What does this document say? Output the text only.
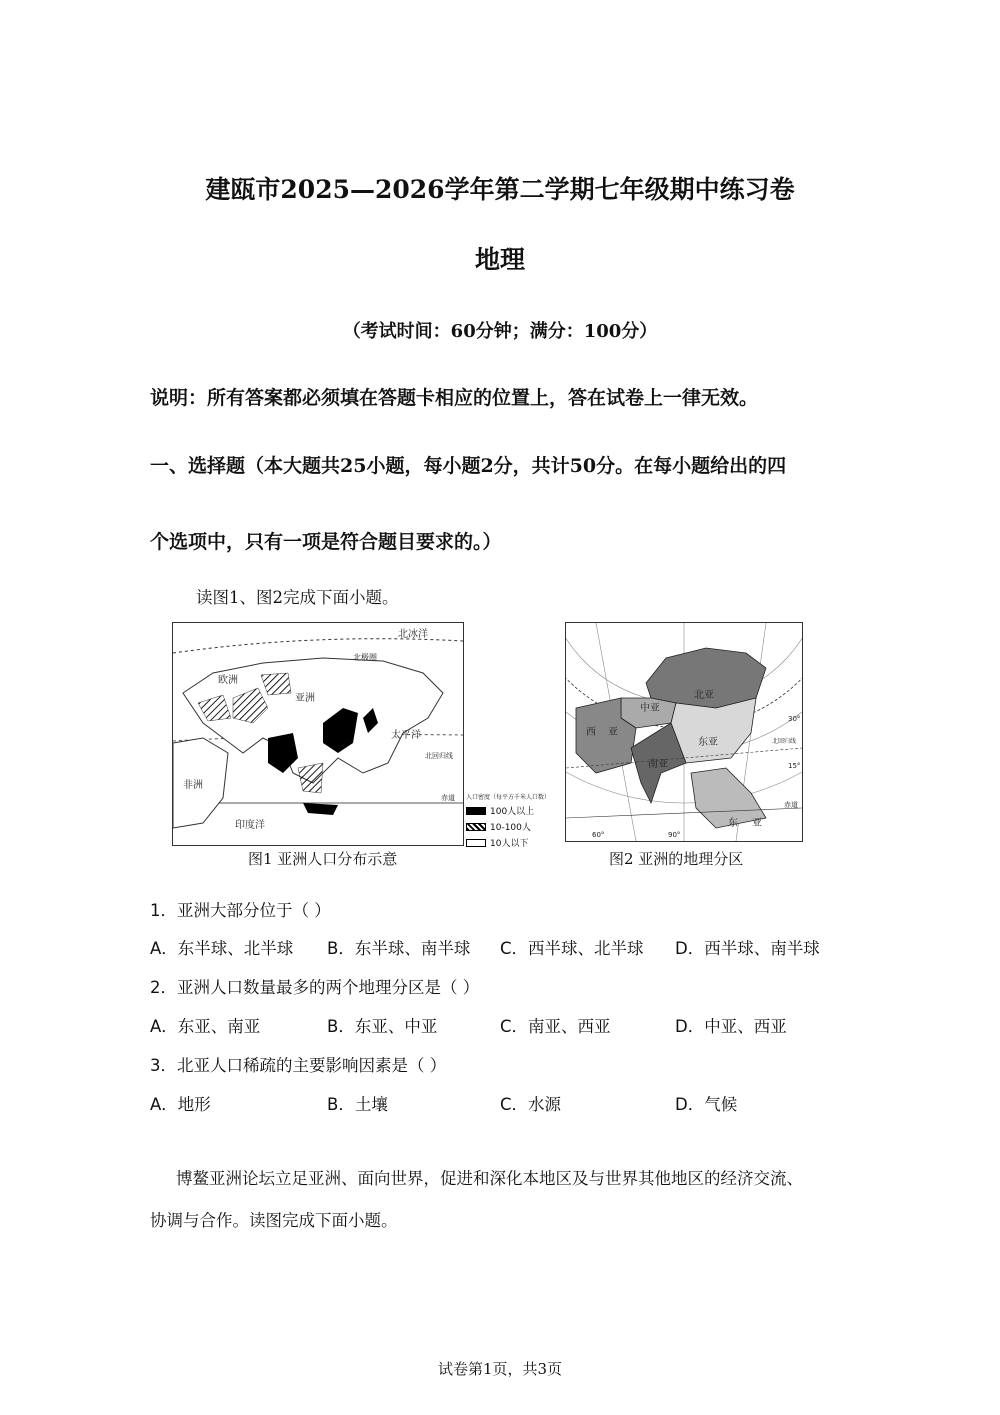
建瓯市2025—2026学年第二学期七年级期中练习卷
地理
（考试时间：60分钟；满分：100分）
说明：所有答案都必须填在答题卡相应的位置上，答在试卷上一律无效。
一、选择题（本大题共25小题，每小题2分，共计50分。在每小题给出的四
个选项中，只有一项是符合题目要求的。）
读图1、图2完成下面小题。
北冰洋
北极圈
欧洲
亚洲
太平洋
北回归线
非洲
赤道
印度洋
人口密度（每平方千米人口数）
100人以上
10-100人
10人以下
图1 亚洲人口分布示意
北亚
中亚
东亚
西 亚
南亚
东 亚
60°	90°
30°
15°
北回归线
赤道
图2 亚洲的地理分区
1．亚洲大部分位于（ ）
A．东半球、北半球 B．东半球、南半球 C．西半球、北半球 D．西半球、南半球
2．亚洲人口数量最多的两个地理分区是（ ）
A．东亚、南亚	B．东亚、中亚	C．南亚、西亚	D．中亚、西亚
3．北亚人口稀疏的主要影响因素是（ ）
A．地形	B．土壤	C．水源	D．气候
博鳌亚洲论坛立足亚洲、面向世界，促进和深化本地区及与世界其他地区的经济交流、
协调与合作。读图完成下面小题。
试卷第1页，共3页
